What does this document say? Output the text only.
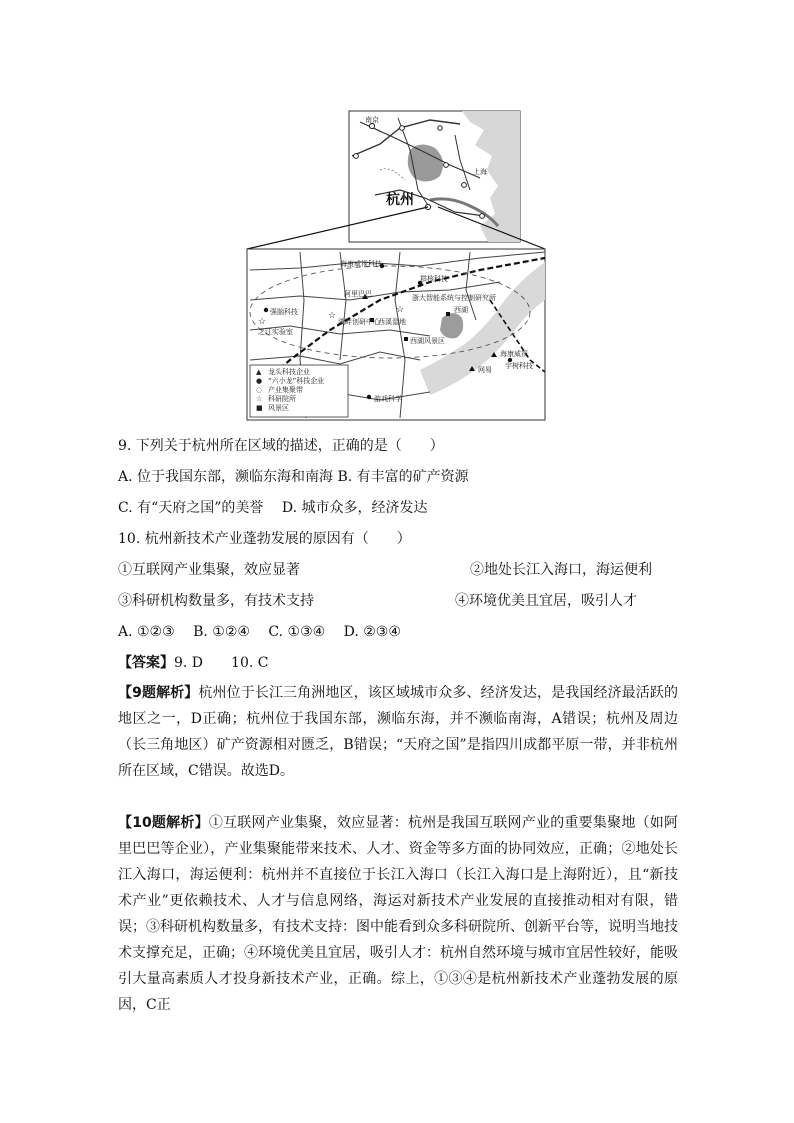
南京
上海
杭州
☆
☆
☆
海康威视科技
群核科技
阿里巴巴	浙大智能系统与控制研究所
强脑科技
之江实验室
湖畔创研中心
西溪湿地
西湖
西湖风景区
海康威视
宇树科技
网易
游戏科学
▲ 龙头科技企业
● “六小龙”科技企业
◌ 产业集聚带
☆ 科研院所
■ 风景区
9. 下列关于杭州所在区域的描述，正确的是（　　）
A. 位于我国东部，濒临东海和南海 B. 有丰富的矿产资源
C. 有“天府之国”的美誉　 D. 城市众多，经济发达
10. 杭州新技术产业蓬勃发展的原因有（　　）
①互联网产业集聚，效应显著	②地处长江入海口，海运便利
③科研机构数量多，有技术支持	④环境优美且宜居，吸引人才
A. ①②③　 B. ①②④　 C. ①③④　 D. ②③④
【答案】9. D　　10. C
【9题解析】杭州位于长江三角洲地区，该区域城市众多、经济发达，是我国经济最活跃的地区之一，D正确；杭州位于我国东部，濒临东海，并不濒临南海，A错误；杭州及周边（长三角地区）矿产资源相对匮乏，B错误；“天府之国”是指四川成都平原一带，并非杭州所在区域，C错误。故选D。
【10题解析】①互联网产业集聚，效应显著：杭州是我国互联网产业的重要集聚地（如阿里巴巴等企业），产业集聚能带来技术、人才、资金等多方面的协同效应，正确；②地处长江入海口，海运便利：杭州并不直接位于长江入海口（长江入海口是上海附近），且“新技术产业”更依赖技术、人才与信息网络，海运对新技术产业发展的直接推动相对有限，错误；③科研机构数量多，有技术支持：图中能看到众多科研院所、创新平台等，说明当地技术支撑充足，正确；④环境优美且宜居，吸引人才：杭州自然环境与城市宜居性较好，能吸引大量高素质人才投身新技术产业，正确。综上，①③④是杭州新技术产业蓬勃发展的原因，C正
